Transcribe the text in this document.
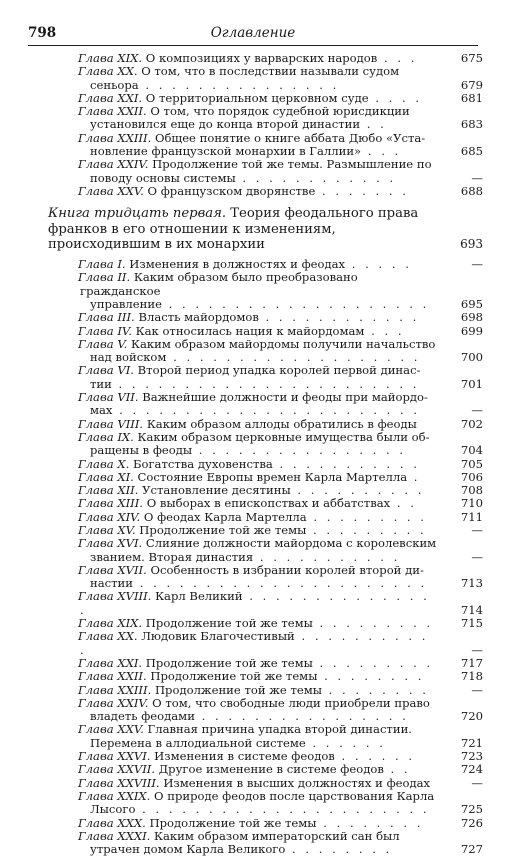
798	Оглавление
Глава XIX. О композициях у варварских народов . . .	675
Глава XX. О том, что в последствии называли судом
сеньора . . . . . . . . . . . . . . .	679
Глава XXI. О территориальном церковном суде . . . .	681
Глава XXII. О том, что порядок судебной юрисдикции
установился еще до конца второй династии . .	683
Глава XXIII. Общее понятие о книге аббата Дюбо «Уста-
новление французской монархии в Галлии» . . .	685
Глава XXIV. Продолжение той же темы. Размышление по
поводу основы системы . . . . . . . . . . . .	—
Глава XXV. О французском дворянстве . . . . . . .	688
Книга тридцать первая. Теория феодального права франков в его отношении к изменениям, происходившим в их монархии	693
Глава I. Изменения в должностях и феодах . . . . .	—
Глава II. Каким образом было преобразовано гражданское
управление . . . . . . . . . . . . . . . . . . . .	695
Глава III. Власть майордомов . . . . . . . . . . . .	698
Глава IV. Как относилась нация к майордомам . . .	699
Глава V. Каким образом майордомы получили начальство
над войском . . . . . . . . . . . . . . . . . . .	700
Глава VI. Второй период упадка королей первой динас-
тии . . . . . . . . . . . . . . . . . . . . . . .	701
Глава VII. Важнейшие должности и феоды при майордо-
мах . . . . . . . . . . . . . . . . . . . . . . .	—
Глава VIII. Каким образом аллоды обратились в феоды	702
Глава IX. Каким образом церковные имущества были об-
ращены в феоды . . . . . . . . . . . . . . . .	704
Глава X. Богатства духовенства . . . . . . . . . . .	705
Глава XI. Состояние Европы времен Карла Мартелла .	706
Глава XII. Установление десятины . . . . . . . . . .	708
Глава XIII. О выборах в епископствах и аббатствах . .	710
Глава XIV. О феодах Карла Мартелла . . . . . . . . .	711
Глава XV. Продолжение той же темы . . . . . . . . .	—
Глава XVI. Слияние должности майордома с королевским
званием. Вторая династия . . . . . . . . . . .	—
Глава XVII. Особенность в избрании королей второй ди-
настии . . . . . . . . . . . . . . . . . . . . . .	713
Глава XVIII. Карл Великий . . . . . . . . . . . . . . .	714
Глава XIX. Продолжение той же темы . . . . . . . . . 715
Глава XX. Людовик Благочестивый . . . . . . . . . . .	—
Глава XXI. Продолжение той же темы . . . . . . . . . 717
Глава XXII. Продолжение той же темы . . . . . . . .	718
Глава XXIII. Продолжение той же темы . . . . . . . .	—
Глава XXIV. О том, что свободные люди приобрели право
владеть феодами . . . . . . . . . . . . . . . .	720
Глава XXV. Главная причина упадка второй династии.
Перемена в аллодиальной системе . . . . . .	721
Глава XXVI. Изменения в системе феодов . . . . . .	723
Глава XXVII. Другое изменение в системе феодов . .	724
Глава XXVIII. Изменения в высших должностях и феодах	—
Глава XXIX. О природе феодов после царствования Карла
Лысого . . . . . . . . . . . . . . . . . . . . . .	725
Глава XXX. Продолжение той же темы . . . . . . . .	726
Глава XXXI. Каким образом императорский сан был
утрачен домом Карла Великого . . . . . . . .	727
